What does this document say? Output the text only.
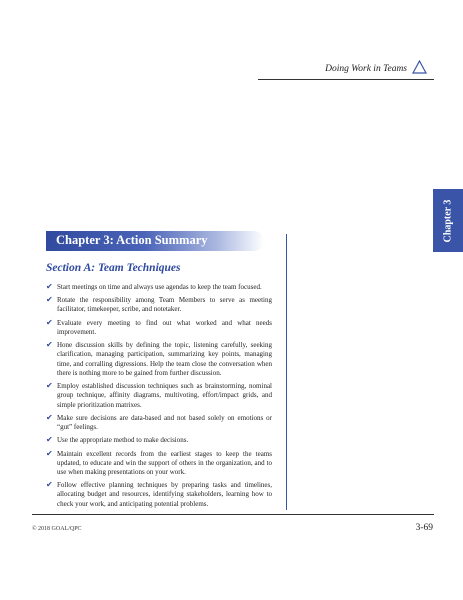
Doing Work in Teams
Chapter 3
Chapter 3: Action Summary
Section A: Team Techniques
✔ Start meetings on time and always use agendas to keep the team focused.
✔ Rotate the responsibility among Team Members to serve as meeting facilitator, timekeeper, scribe, and notetaker.
✔ Evaluate every meeting to find out what worked and what needs improvement.
✔ Hone discussion skills by defining the topic, listening carefully, seeking clarification, managing participation, summarizing key points, managing time, and corralling digressions. Help the team close the conversation when there is nothing more to be gained from further discussion.
✔ Employ established discussion techniques such as brainstorming, nominal group technique, affinity diagrams, multivoting, effort/impact grids, and simple prioritization matrixes.
✔ Make sure decisions are data-based and not based solely on emotions or “gut” feelings.
✔ Use the appropriate method to make decisions.
✔ Maintain excellent records from the earliest stages to keep the teams updated, to educate and win the support of others in the organization, and to use when making presentations on your work.
✔ Follow effective planning techniques by preparing tasks and timelines, allocating budget and resources, identifying stakeholders, learning how to check your work, and anticipating potential problems.
© 2018 GOAL/QPC	3-69
